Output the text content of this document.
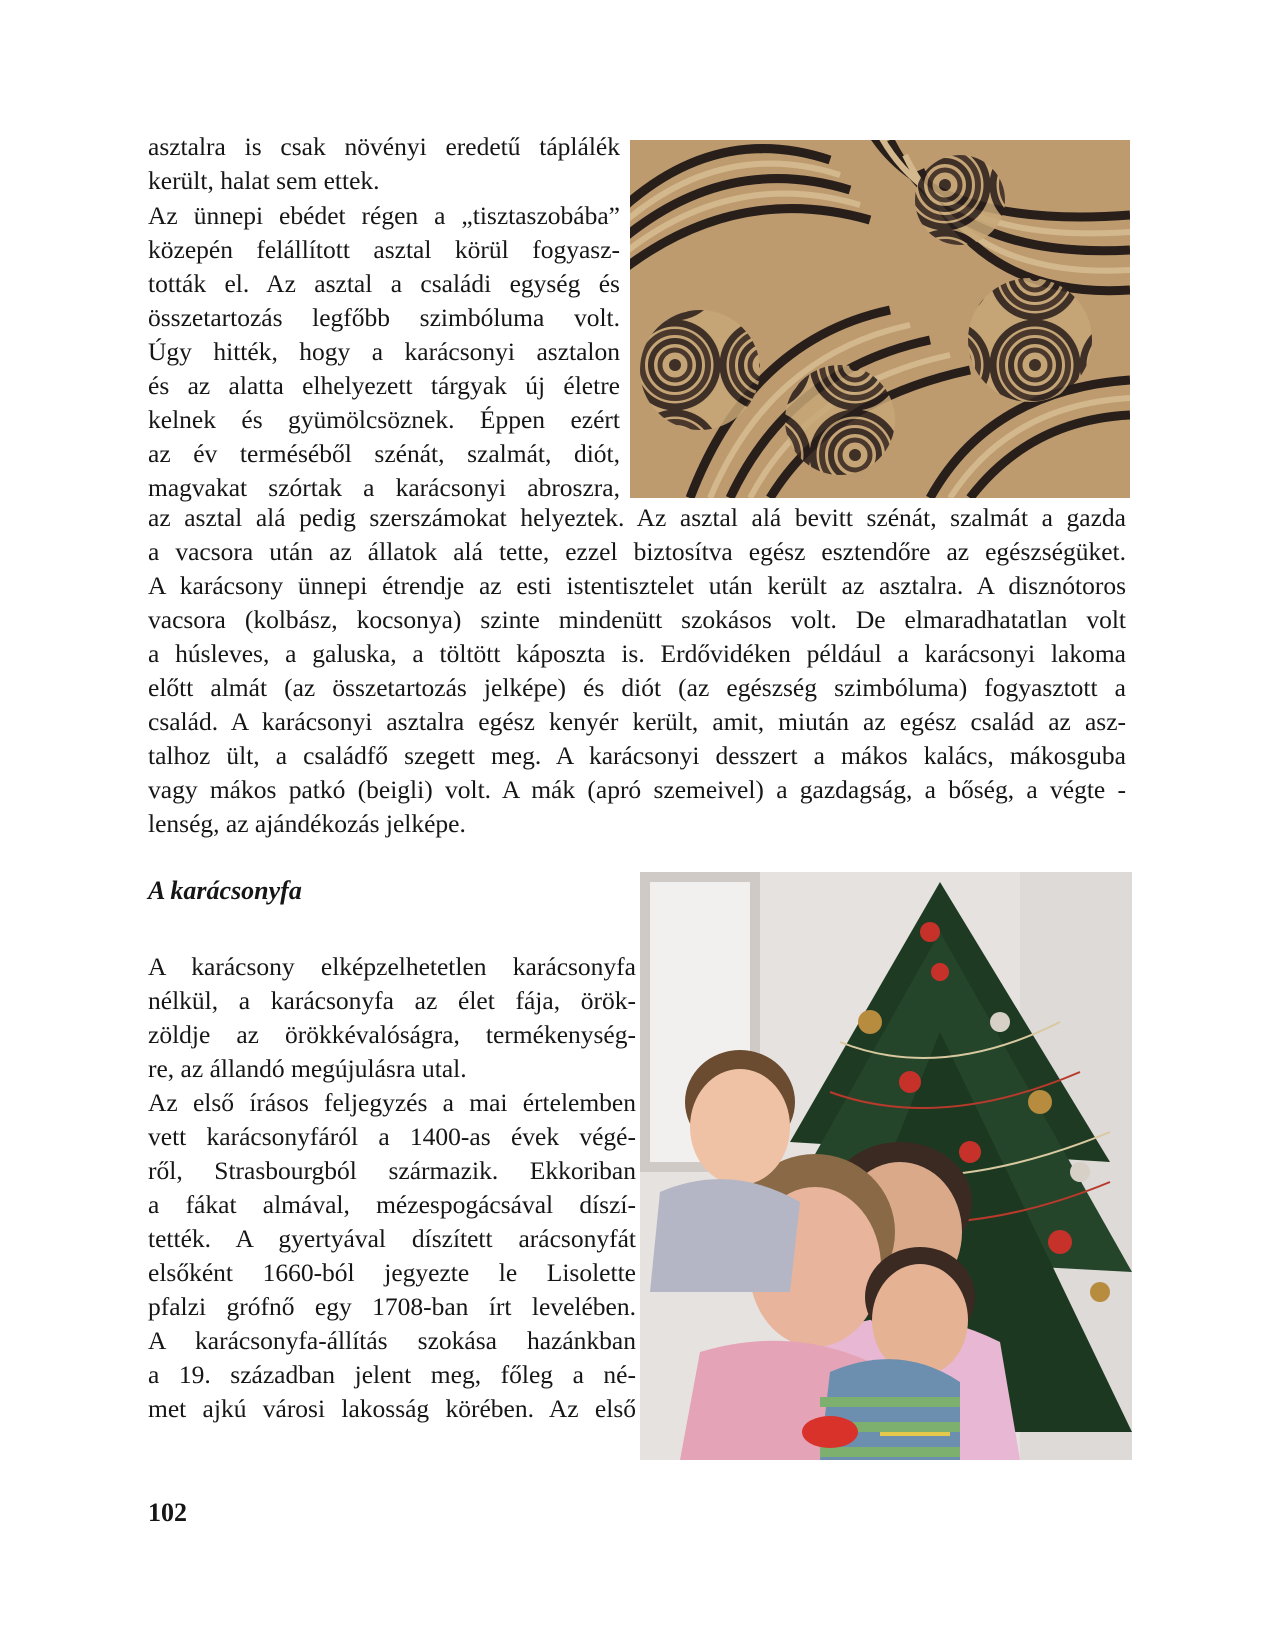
asztalra is csak növényi eredetű táplálék
került, halat sem ettek.
Az ünnepi ebédet régen a „tisztaszobába”
közepén felállított asztal körül fogyasz-
tották el. Az asztal a családi egység és
összetartozás legfőbb szimbóluma volt.
Úgy hitték, hogy a karácsonyi asztalon
és az alatta elhelyezett tárgyak új életre
kelnek és gyümölcsöznek. Éppen ezért
az év terméséből szénát, szalmát, diót,
magvakat szórtak a karácsonyi abroszra,
az asztal alá pedig szerszámokat helyeztek. Az asztal alá bevitt szénát, szalmát a gazda
a vacsora után az állatok alá tette, ezzel biztosítva egész esztendőre az egészségüket.
A karácsony ünnepi étrendje az esti istentisztelet után került az asztalra. A disznótoros
vacsora (kolbász, kocsonya) szinte mindenütt szokásos volt. De elmaradhatatlan volt
a húsleves, a galuska, a töltött káposzta is. Erdővidéken például a karácsonyi lakoma
előtt almát (az összetartozás jelképe) és diót (az egészség szimbóluma) fogyasztott a
család. A karácsonyi asztalra egész kenyér került, amit, miután az egész család az asz-
talhoz ült, a családfő szegett meg. A karácsonyi desszert a mákos kalács, mákosguba
vagy mákos patkó (beigli) volt. A mák (apró szemeivel) a gazdagság, a bőség, a végte -
lenség, az ajándékozás jelképe.
A karácsonyfa
A karácsony elképzelhetetlen karácsonyfa
nélkül, a karácsonyfa az élet fája, örök-
zöldje az örökkévalóságra, termékenység-
re, az állandó megújulásra utal.
Az első írásos feljegyzés a mai értelemben
vett karácsonyfáról a 1400-as évek végé-
ről, Strasbourgból származik. Ekkoriban
a fákat almával, mézespogácsával díszí-
tették. A gyertyával díszített arácsonyfát
elsőként 1660-ból jegyezte le Lisolette
pfalzi grófnő egy 1708-ban írt levelében.
A karácsonyfa-állítás szokása hazánkban
a 19. században jelent meg, főleg a né-
met ajkú városi lakosság körében. Az első
102
